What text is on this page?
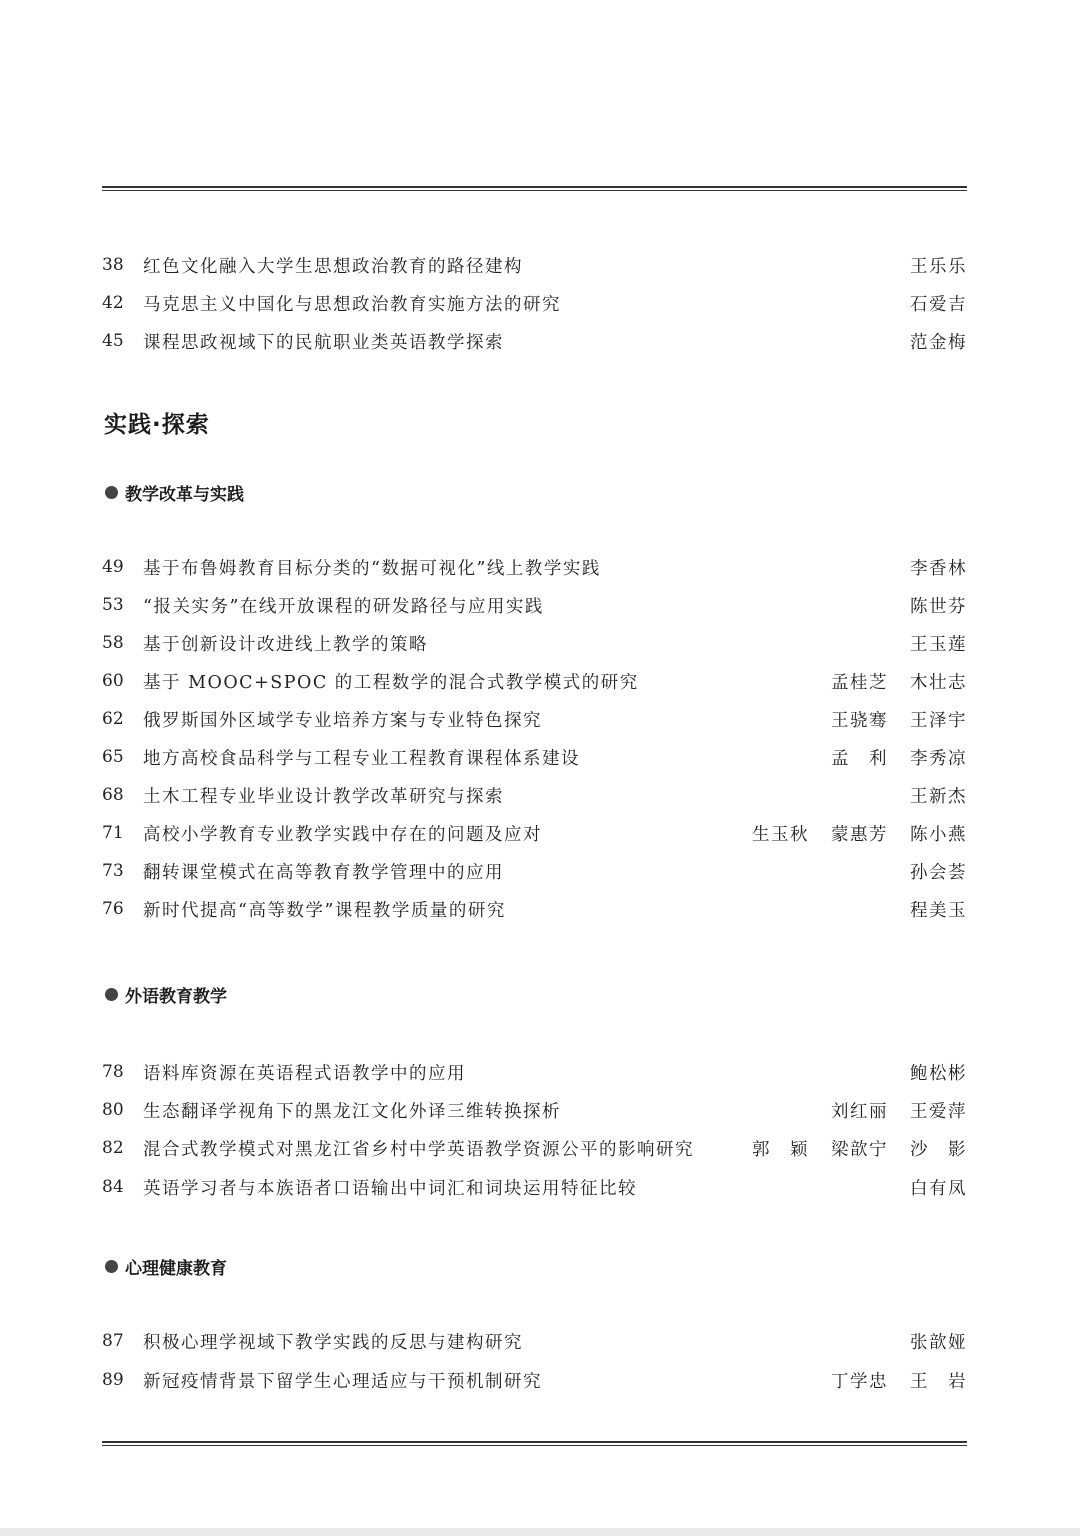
38	红色文化融入大学生思想政治教育的路径建构	王乐乐
42	马克思主义中国化与思想政治教育实施方法的研究	石爱吉
45	课程思政视域下的民航职业类英语教学探索	范金梅
实践·探索
教学改革与实践
49	基于布鲁姆教育目标分类的“数据可视化”线上教学实践	李香林
53	“报关实务”在线开放课程的研发路径与应用实践	陈世芬
58	基于创新设计改进线上教学的策略	王玉莲
60	基于 MOOC+SPOC 的工程数学的混合式教学模式的研究	孟桂芝 木壮志
62	俄罗斯国外区域学专业培养方案与专业特色探究	王骁骞 王泽宇
65	地方高校食品科学与工程专业工程教育课程体系建设	孟　利 李秀凉
68	土木工程专业毕业设计教学改革研究与探索	王新杰
71	高校小学教育专业教学实践中存在的问题及应对	生玉秋 蒙惠芳 陈小燕
73	翻转课堂模式在高等教育教学管理中的应用	孙会荟
76	新时代提高“高等数学”课程教学质量的研究	程美玉
外语教育教学
78	语料库资源在英语程式语教学中的应用	鲍松彬
80	生态翻译学视角下的黑龙江文化外译三维转换探析	刘红丽 王爱萍
82	混合式教学模式对黑龙江省乡村中学英语教学资源公平的影响研究	郭　颖 梁歆宁 沙　影
84	英语学习者与本族语者口语输出中词汇和词块运用特征比较	白有凤
心理健康教育
87	积极心理学视域下教学实践的反思与建构研究	张歆娅
89	新冠疫情背景下留学生心理适应与干预机制研究	丁学忠 王　岩
